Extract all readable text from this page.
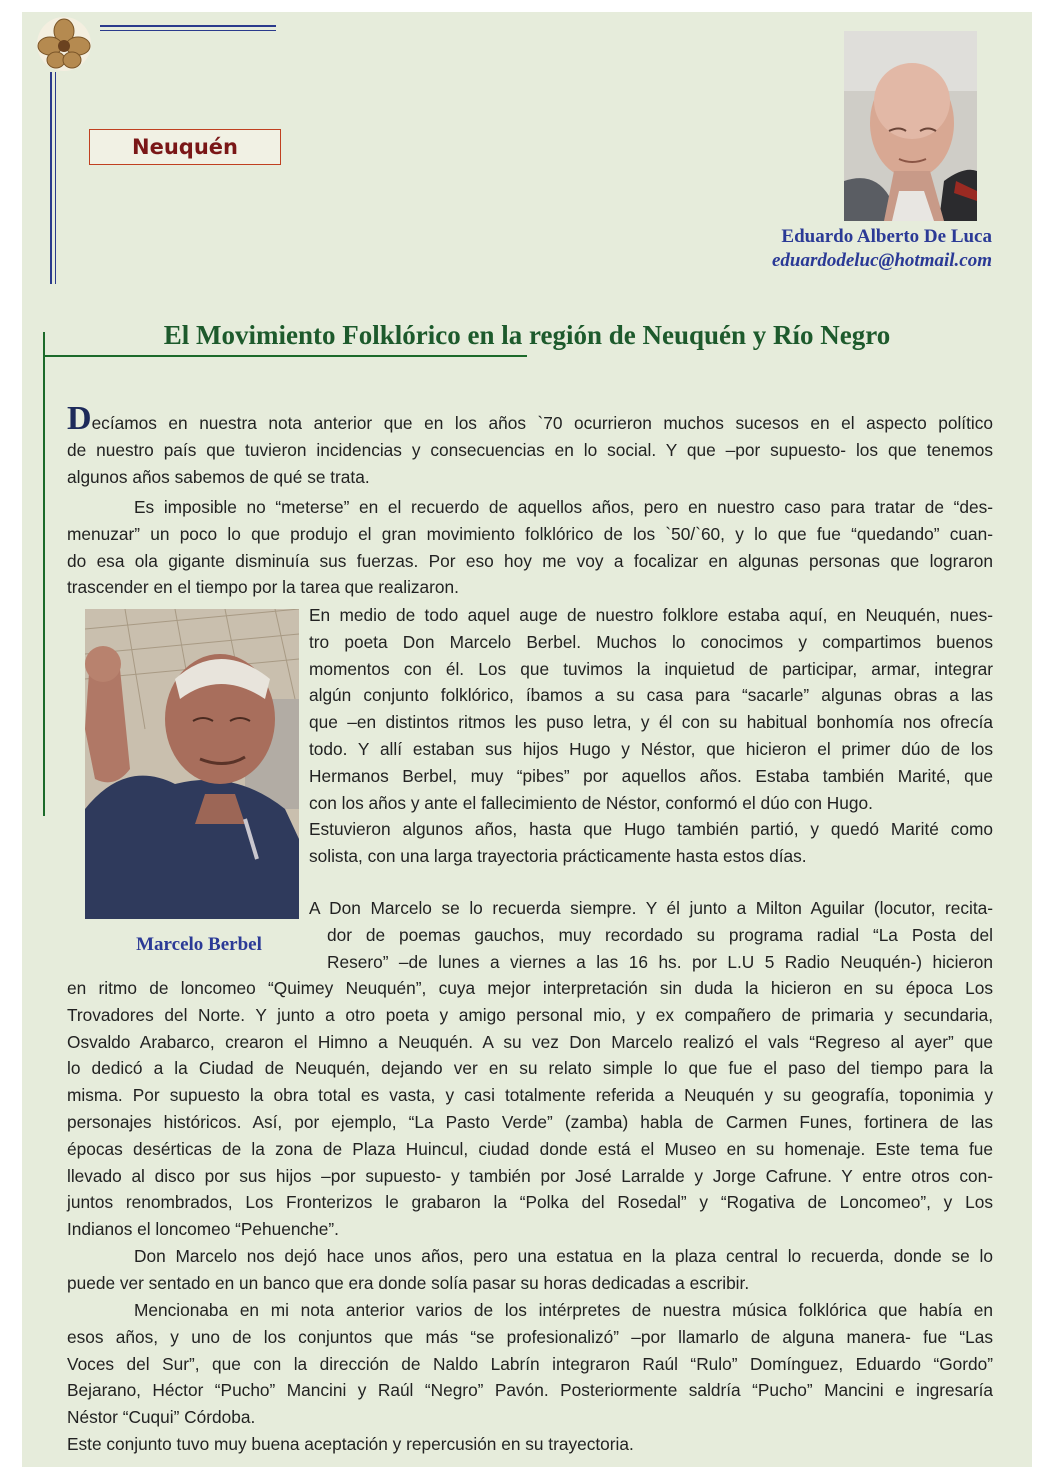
Neuquén
Eduardo Alberto De Luca
eduardodeluc@hotmail.com
El Movimiento Folklórico en la región de Neuquén y Río Negro
Decíamos en nuestra nota anterior que en los años `70 ocurrieron muchos sucesos en el aspecto político
de nuestro país que tuvieron incidencias y consecuencias en lo social. Y que –por supuesto- los que tenemos
algunos años sabemos de qué se trata.
Es imposible no “meterse” en el recuerdo de aquellos años, pero en nuestro caso para tratar de “des-
menuzar” un poco lo que produjo el gran movimiento folklórico de los `50/`60, y lo que fue “quedando” cuan-
do esa ola gigante disminuía sus fuerzas. Por eso hoy me voy a focalizar en algunas personas que lograron
trascender en el tiempo por la tarea que realizaron.
Marcelo Berbel
En medio de todo aquel auge de nuestro folklore estaba aquí, en Neuquén, nues-
tro poeta Don Marcelo Berbel. Muchos lo conocimos y compartimos buenos
momentos con él. Los que tuvimos la inquietud de participar, armar, integrar
algún conjunto folklórico, íbamos a su casa para “sacarle” algunas obras a las
que –en distintos ritmos les puso letra, y él con su habitual bonhomía nos ofrecía
todo. Y allí estaban sus hijos Hugo y Néstor, que hicieron el primer dúo de los
Hermanos Berbel, muy “pibes” por aquellos años. Estaba también Marité, que
con los años y ante el fallecimiento de Néstor, conformó el dúo con Hugo.
Estuvieron algunos años, hasta que Hugo también partió, y quedó Marité como
solista, con una larga trayectoria prácticamente hasta estos días.
A Don Marcelo se lo recuerda siempre. Y él junto a Milton Aguilar (locutor, recita-
dor de poemas gauchos, muy recordado su programa radial “La Posta del
Resero” –de lunes a viernes a las 16 hs. por L.U 5 Radio Neuquén-) hicieron
en ritmo de loncomeo “Quimey Neuquén”, cuya mejor interpretación sin duda la hicieron en su época Los
Trovadores del Norte. Y junto a otro poeta y amigo personal mio, y ex compañero de primaria y secundaria,
Osvaldo Arabarco, crearon el Himno a Neuquén. A su vez Don Marcelo realizó el vals “Regreso al ayer” que
lo dedicó a la Ciudad de Neuquén, dejando ver en su relato simple lo que fue el paso del tiempo para la
misma. Por supuesto la obra total es vasta, y casi totalmente referida a Neuquén y su geografía, toponimia y
personajes históricos. Así, por ejemplo, “La Pasto Verde” (zamba) habla de Carmen Funes, fortinera de las
épocas desérticas de la zona de Plaza Huincul, ciudad donde está el Museo en su homenaje. Este tema fue
llevado al disco por sus hijos –por supuesto- y también por José Larralde y Jorge Cafrune. Y entre otros con-
juntos renombrados, Los Fronterizos le grabaron la “Polka del Rosedal” y “Rogativa de Loncomeo”, y Los
Indianos el loncomeo “Pehuenche”.
Don Marcelo nos dejó hace unos años, pero una estatua en la plaza central lo recuerda, donde se lo
puede ver sentado en un banco que era donde solía pasar su horas dedicadas a escribir.
Mencionaba en mi nota anterior varios de los intérpretes de nuestra música folklórica que había en
esos años, y uno de los conjuntos que más “se profesionalizó” –por llamarlo de alguna manera- fue “Las
Voces del Sur”, que con la dirección de Naldo Labrín integraron Raúl “Rulo” Domínguez, Eduardo “Gordo”
Bejarano, Héctor “Pucho” Mancini y Raúl “Negro” Pavón. Posteriormente saldría “Pucho” Mancini e ingresaría
Néstor “Cuqui” Córdoba.
Este conjunto tuvo muy buena aceptación y repercusión en su trayectoria.
